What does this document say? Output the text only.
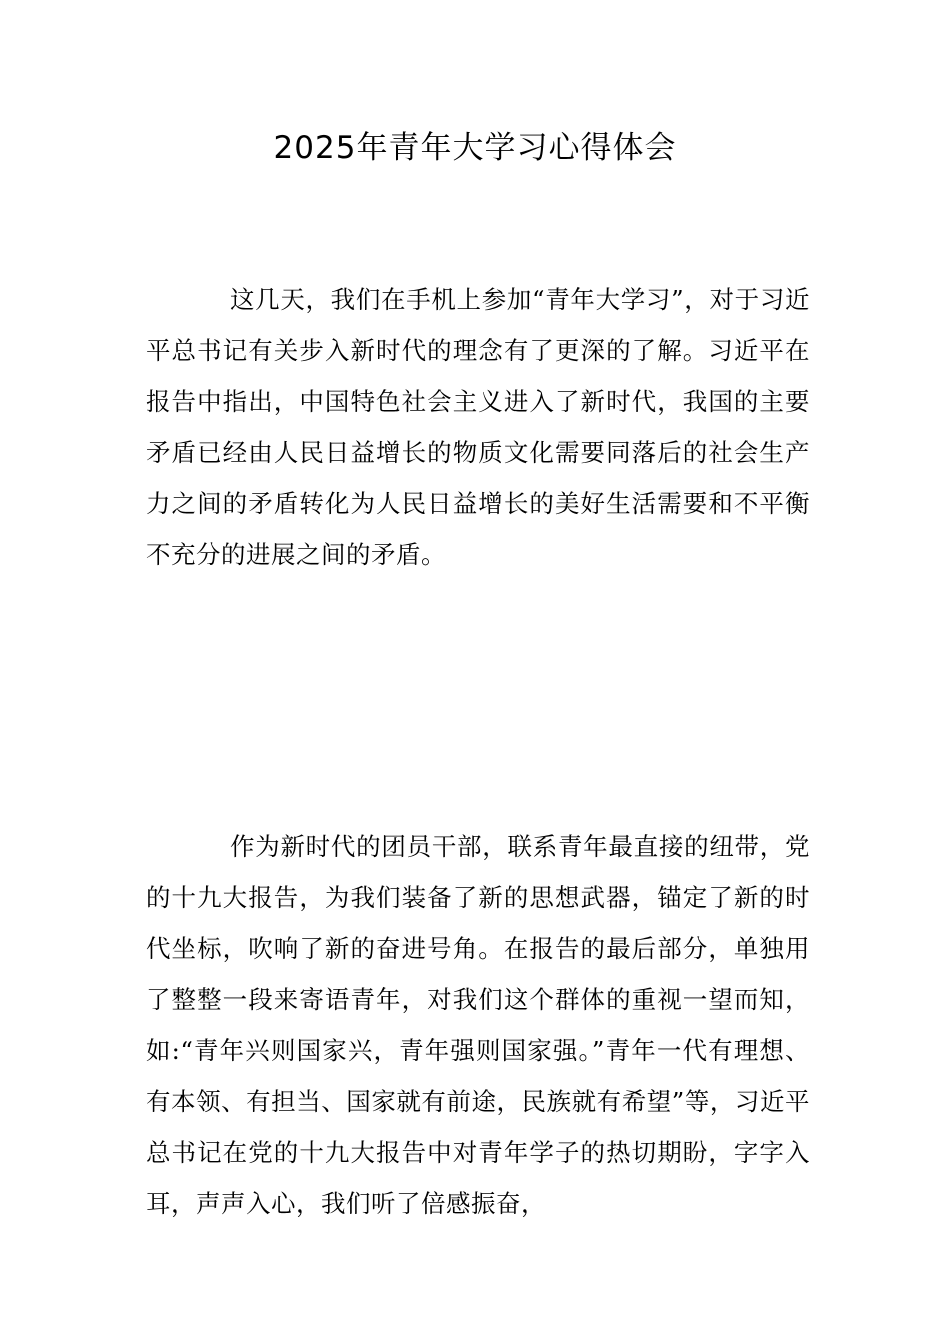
2025年青年大学习心得体会

这几天，我们在手机上参加“青年大学习”，对于习近平总书记有关步入新时代的理念有了更深的了解。习近平在报告中指出，中国特色社会主义进入了新时代，我国的主要矛盾已经由人民日益增长的物质文化需要同落后的社会生产力之间的矛盾转化为人民日益增长的美好生活需要和不平衡不充分的进展之间的矛盾。

作为新时代的团员干部，联系青年最直接的纽带，党的十九大报告，为我们装备了新的思想武器，锚定了新的时代坐标，吹响了新的奋进号角。在报告的最后部分，单独用了整整一段来寄语青年，对我们这个群体的重视一望而知，如:“青年兴则国家兴，青年强则国家强。”青年一代有理想、有本领、有担当、国家就有前途，民族就有希望”等，习近平总书记在党的十九大报告中对青年学子的热切期盼，字字入耳，声声入心，我们听了倍感振奋，
